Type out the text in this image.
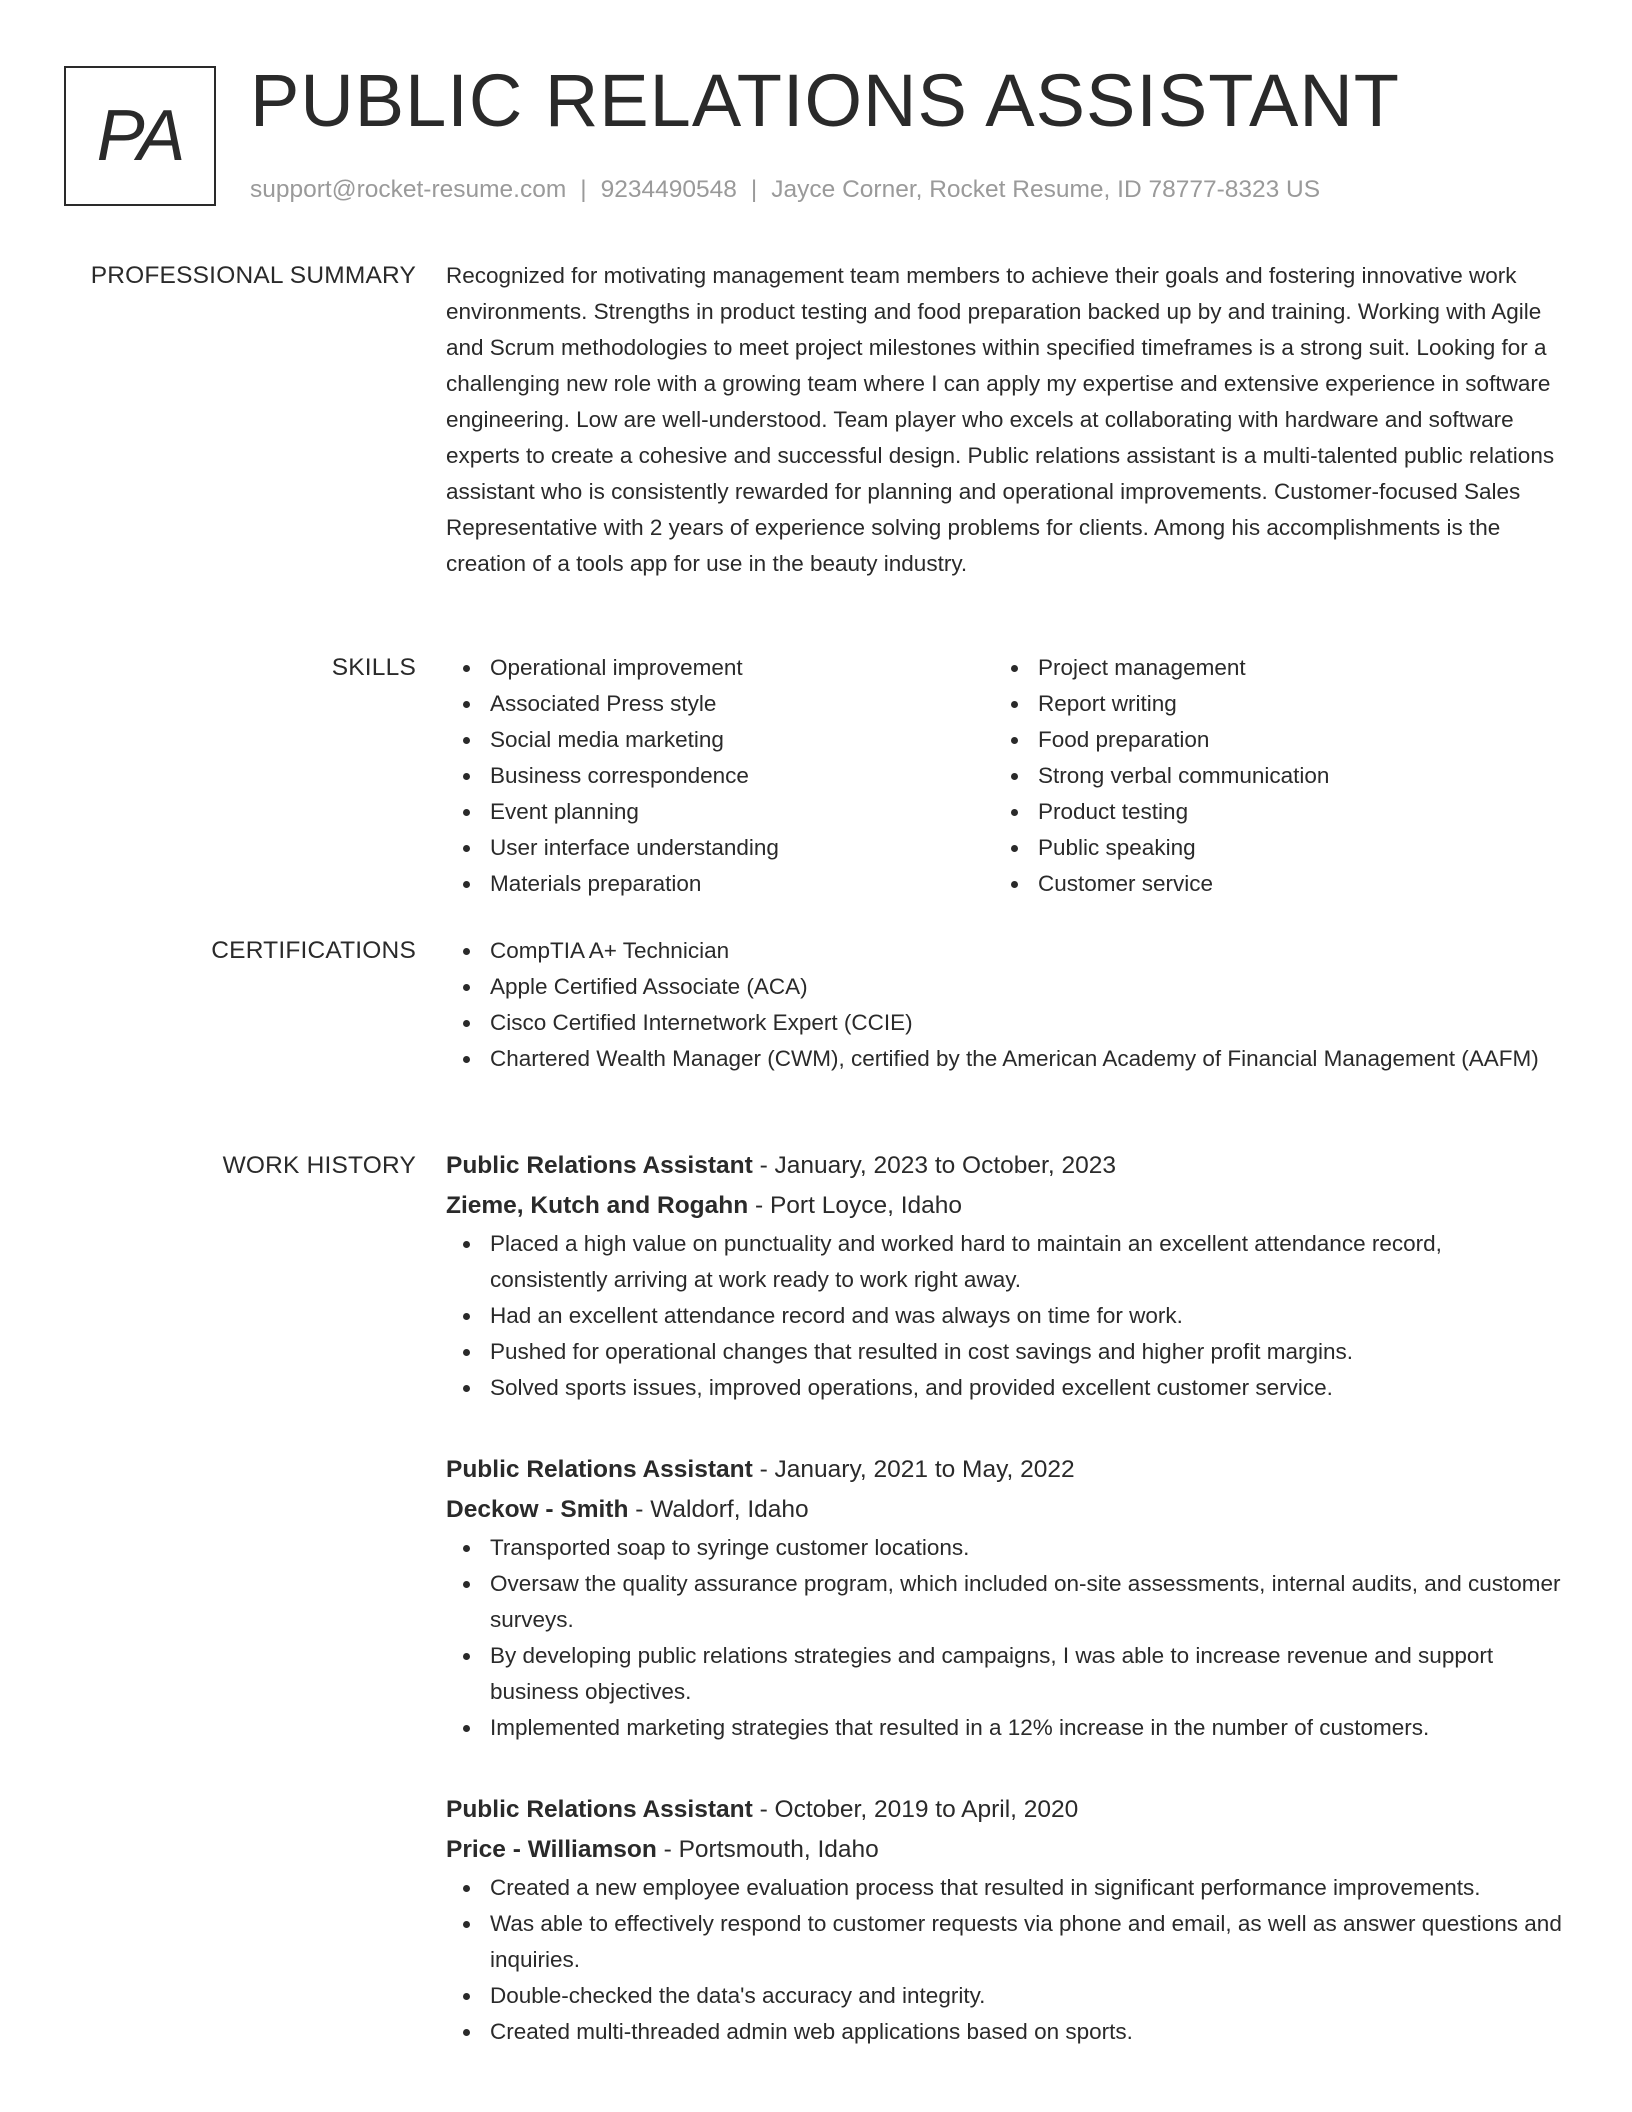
PA PUBLIC RELATIONS ASSISTANT
support@rocket-resume.com | 9234490548 | Jayce Corner, Rocket Resume, ID 78777-8323 US
PROFESSIONAL SUMMARY Recognized for motivating management team members to achieve their goals and fostering innovative work environments. Strengths in product testing and food preparation backed up by and training. Working with Agile and Scrum methodologies to meet project milestones within specified timeframes is a strong suit. Looking for a challenging new role with a growing team where I can apply my expertise and extensive experience in software engineering. Low are well-understood. Team player who excels at collaborating with hardware and software experts to create a cohesive and successful design. Public relations assistant is a multi-talented public relations assistant who is consistently rewarded for planning and operational improvements. Customer-focused Sales Representative with 2 years of experience solving problems for clients. Among his accomplishments is the creation of a tools app for use in the beauty industry.

SKILLS	Operational improvement
Associated Press style
Social media marketing
Business correspondence
Event planning
User interface understanding
Materials preparation
Project management
Report writing
Food preparation
Strong verbal communication
Product testing
Public speaking
Customer service
CERTIFICATIONS	CompTIA A+ Technician
Apple Certified Associate (ACA)
Cisco Certified Internetwork Expert (CCIE)
Chartered Wealth Manager (CWM), certified by the American Academy of Financial Management (AAFM)
WORK HISTORY Public Relations Assistant - January, 2023 to October, 2023
Zieme, Kutch and Rogahn - Port Loyce, Idaho
Placed a high value on punctuality and worked hard to maintain an excellent attendance record, consistently arriving at work ready to work right away.
Had an excellent attendance record and was always on time for work.
Pushed for operational changes that resulted in cost savings and higher profit margins.
Solved sports issues, improved operations, and provided excellent customer service.
Public Relations Assistant - January, 2021 to May, 2022
Deckow - Smith - Waldorf, Idaho
Transported soap to syringe customer locations.
Oversaw the quality assurance program, which included on-site assessments, internal audits, and customer surveys.
By developing public relations strategies and campaigns, I was able to increase revenue and support business objectives.
Implemented marketing strategies that resulted in a 12% increase in the number of customers.
Public Relations Assistant - October, 2019 to April, 2020
Price - Williamson - Portsmouth, Idaho
Created a new employee evaluation process that resulted in significant performance improvements.
Was able to effectively respond to customer requests via phone and email, as well as answer questions and inquiries.
Double-checked the data's accuracy and integrity.
Created multi-threaded admin web applications based on sports.
